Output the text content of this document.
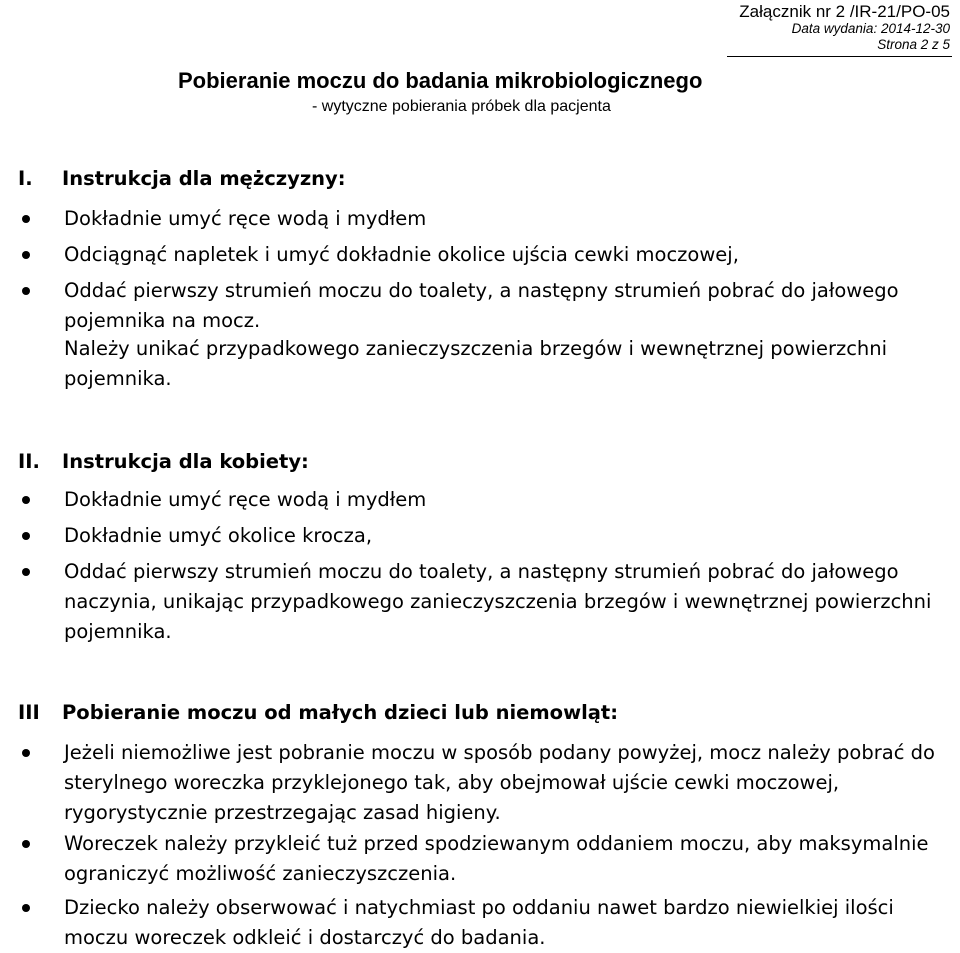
Załącznik nr 2 /IR-21/PO-05
Data wydania: 2014-12-30
Strona 2 z 5
Pobieranie moczu do badania mikrobiologicznego
- wytyczne pobierania próbek dla pacjenta
I. Instrukcja dla mężczyzny:
Dokładnie umyć ręce wodą i mydłem
Odciągnąć napletek i umyć dokładnie okolice ujścia cewki moczowej,
Oddać pierwszy strumień moczu do toalety, a następny strumień pobrać do jałowego pojemnika na mocz.
Należy unikać przypadkowego zanieczyszczenia brzegów i wewnętrznej powierzchni pojemnika.
II. Instrukcja dla kobiety:
Dokładnie umyć ręce wodą i mydłem
Dokładnie umyć okolice krocza,
Oddać pierwszy strumień moczu do toalety, a następny strumień pobrać do jałowego naczynia, unikając przypadkowego zanieczyszczenia brzegów i wewnętrznej powierzchni pojemnika.
III Pobieranie moczu od małych dzieci lub niemowląt:
Jeżeli niemożliwe jest pobranie moczu w sposób podany powyżej, mocz należy pobrać do sterylnego woreczka przyklejonego tak, aby obejmował ujście cewki moczowej, rygorystycznie przestrzegając zasad higieny.
Woreczek należy przykleić tuż przed spodziewanym oddaniem moczu, aby maksymalnie ograniczyć możliwość zanieczyszczenia.
Dziecko należy obserwować i natychmiast po oddaniu nawet bardzo niewielkiej ilości moczu woreczek odkleić i dostarczyć do badania.
